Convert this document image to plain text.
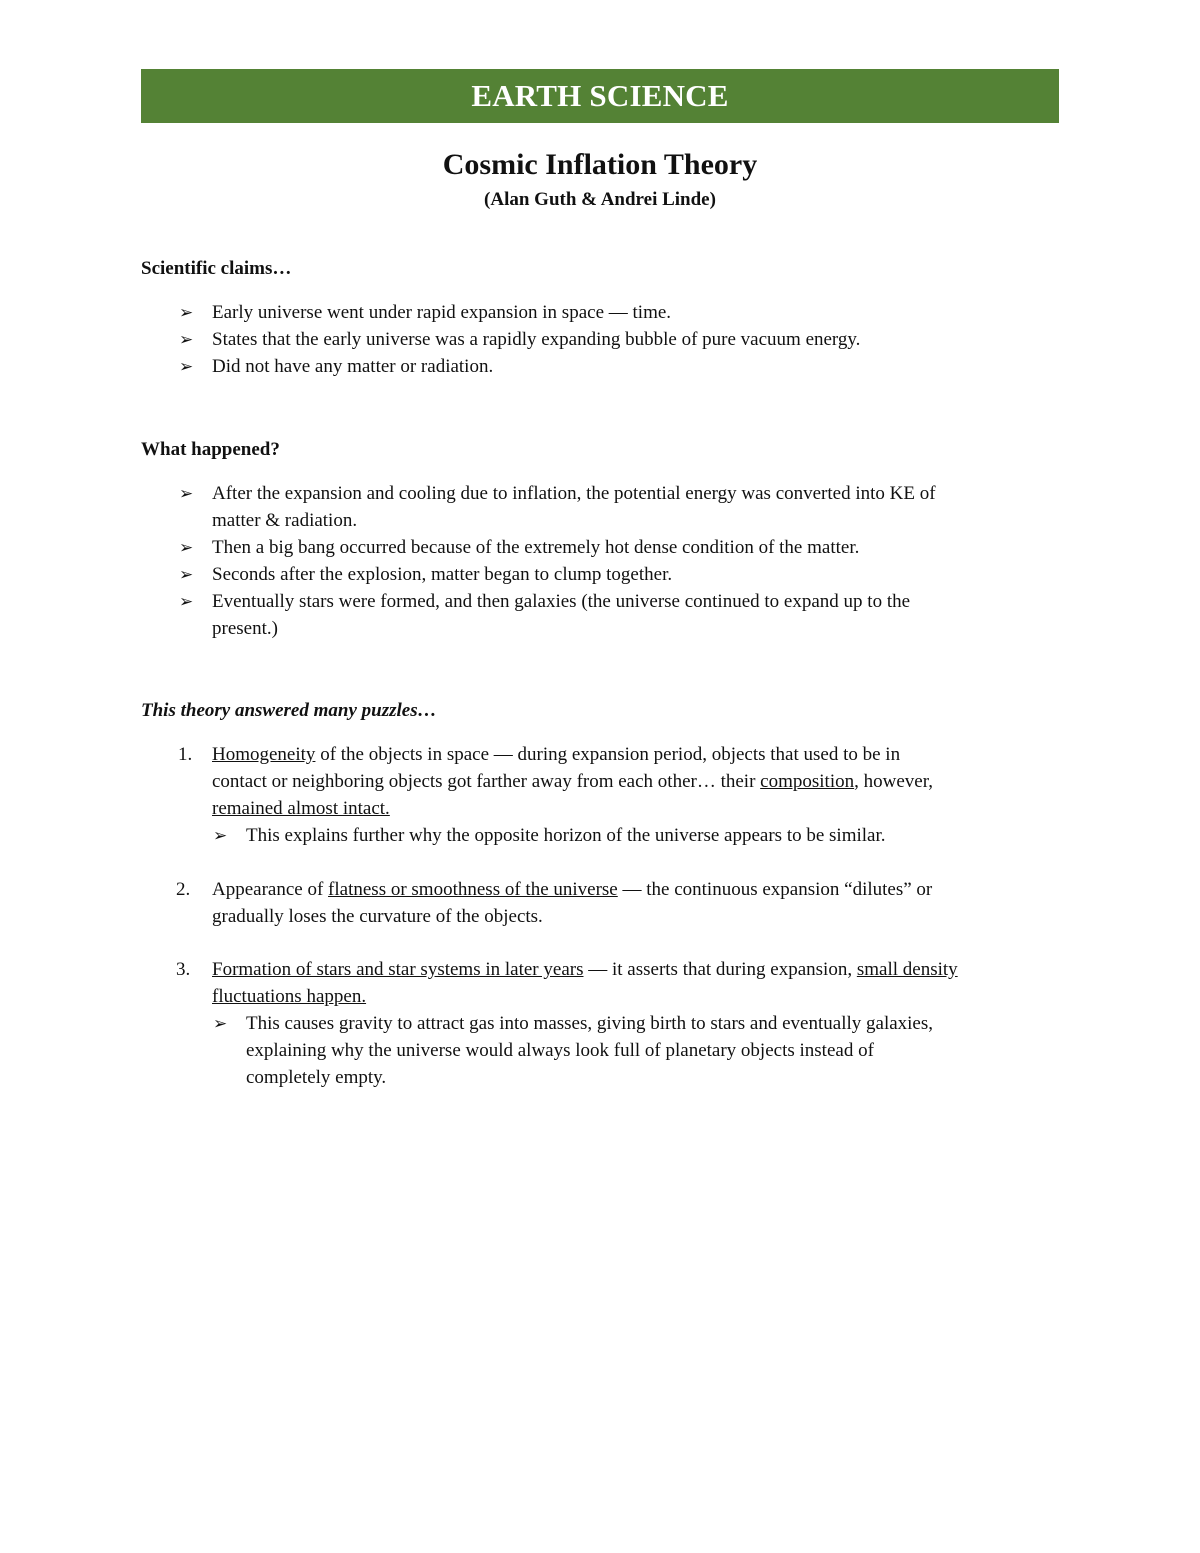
EARTH SCIENCE
Cosmic Inflation Theory
(Alan Guth & Andrei Linde)
Scientific claims…
➢ Early universe went under rapid expansion in space — time.
➢ States that the early universe was a rapidly expanding bubble of pure vacuum energy.
➢ Did not have any matter or radiation.
What happened?
➢ After the expansion and cooling due to inflation, the potential energy was converted into KE of
matter & radiation.
➢ Then a big bang occurred because of the extremely hot dense condition of the matter.
➢ Seconds after the explosion, matter began to clump together.
➢ Eventually stars were formed, and then galaxies (the universe continued to expand up to the
present.)
This theory answered many puzzles…
1. Homogeneity of the objects in space — during expansion period, objects that used to be in
contact or neighboring objects got farther away from each other… their composition, however,
remained almost intact.
➢ This explains further why the opposite horizon of the universe appears to be similar.
2. Appearance of flatness or smoothness of the universe — the continuous expansion “dilutes” or
gradually loses the curvature of the objects.
3. Formation of stars and star systems in later years — it asserts that during expansion, small density
fluctuations happen.
➢ This causes gravity to attract gas into masses, giving birth to stars and eventually galaxies,
explaining why the universe would always look full of planetary objects instead of
completely empty.
